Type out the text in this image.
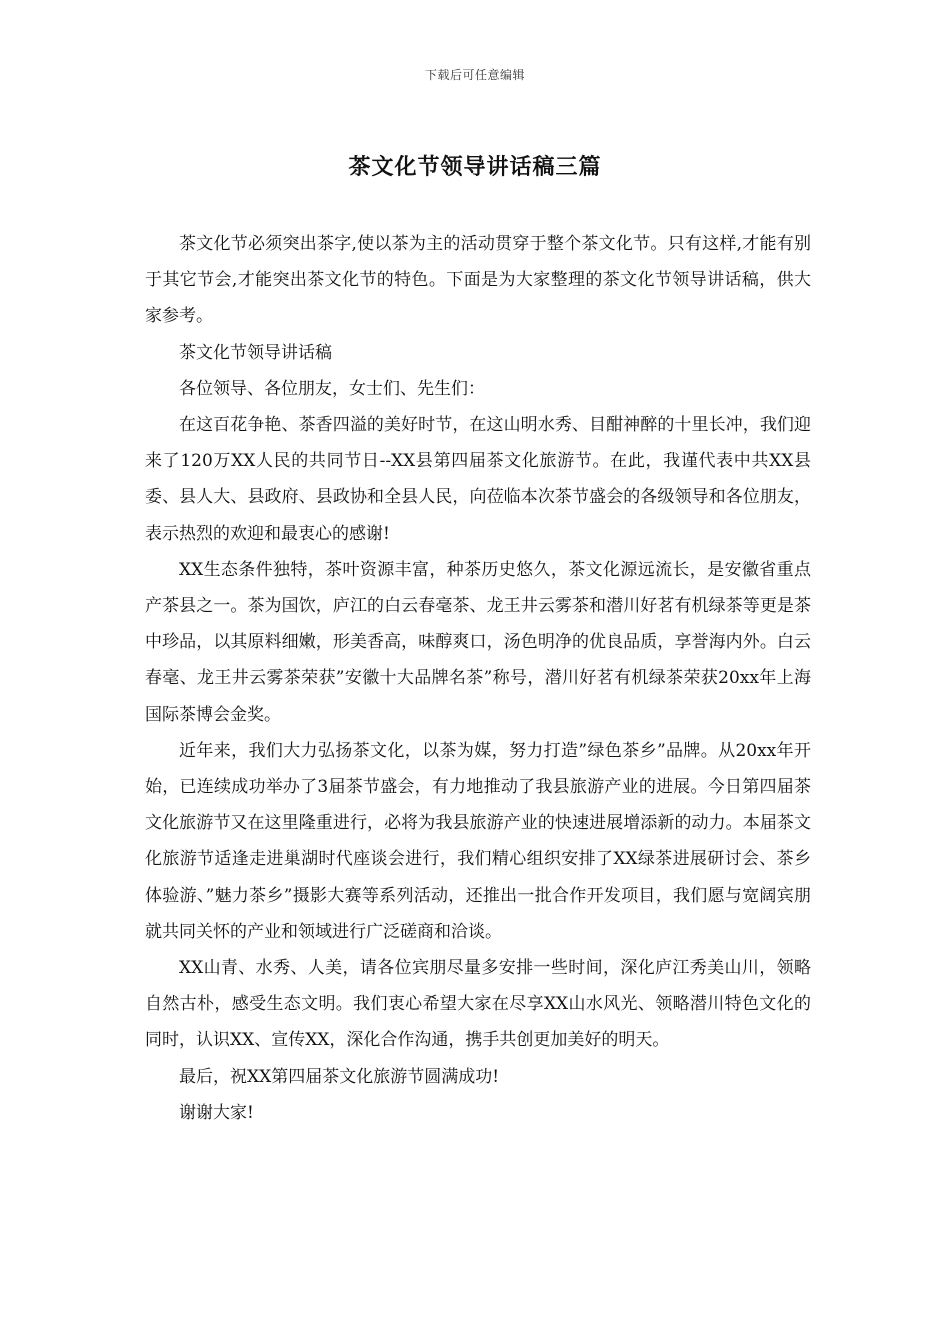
下载后可任意编辑
茶文化节领导讲话稿三篇

茶文化节必须突出茶字,使以茶为主的活动贯穿于整个茶文化节。只有这样,才能有别于其它节会,才能突出茶文化节的特色。下面是为大家整理的茶文化节领导讲话稿，供大家参考。

茶文化节领导讲话稿

各位领导、各位朋友，女士们、先生们：

在这百花争艳、茶香四溢的美好时节，在这山明水秀、目酣神醉的十里长冲，我们迎来了120万XX人民的共同节日--XX县第四届茶文化旅游节。在此，我谨代表中共XX县委、县人大、县政府、县政协和全县人民，向莅临本次茶节盛会的各级领导和各位朋友，表示热烈的欢迎和最衷心的感谢!

XX生态条件独特，茶叶资源丰富，种茶历史悠久，茶文化源远流长，是安徽省重点产茶县之一。茶为国饮，庐江的白云春毫茶、龙王井云雾茶和潜川好茗有机绿茶等更是茶中珍品，以其原料细嫩，形美香高，味醇爽口，汤色明净的优良品质，享誉海内外。白云春毫、龙王井云雾茶荣获”安徽十大品牌名茶”称号，潜川好茗有机绿茶荣获20xx年上海国际茶博会金奖。

近年来，我们大力弘扬茶文化，以茶为媒，努力打造”绿色茶乡”品牌。从20xx年开始，已连续成功举办了3届茶节盛会，有力地推动了我县旅游产业的进展。今日第四届茶文化旅游节又在这里隆重进行，必将为我县旅游产业的快速进展增添新的动力。本届茶文化旅游节适逢走进巢湖时代座谈会进行，我们精心组织安排了XX绿茶进展研讨会、茶乡体验游、”魅力茶乡”摄影大赛等系列活动，还推出一批合作开发项目，我们愿与宽阔宾朋就共同关怀的产业和领域进行广泛磋商和洽谈。

XX山青、水秀、人美，请各位宾朋尽量多安排一些时间，深化庐江秀美山川，领略自然古朴，感受生态文明。我们衷心希望大家在尽享XX山水风光、领略潜川特色文化的同时，认识XX、宣传XX，深化合作沟通，携手共创更加美好的明天。

最后，祝XX第四届茶文化旅游节圆满成功!

谢谢大家!
